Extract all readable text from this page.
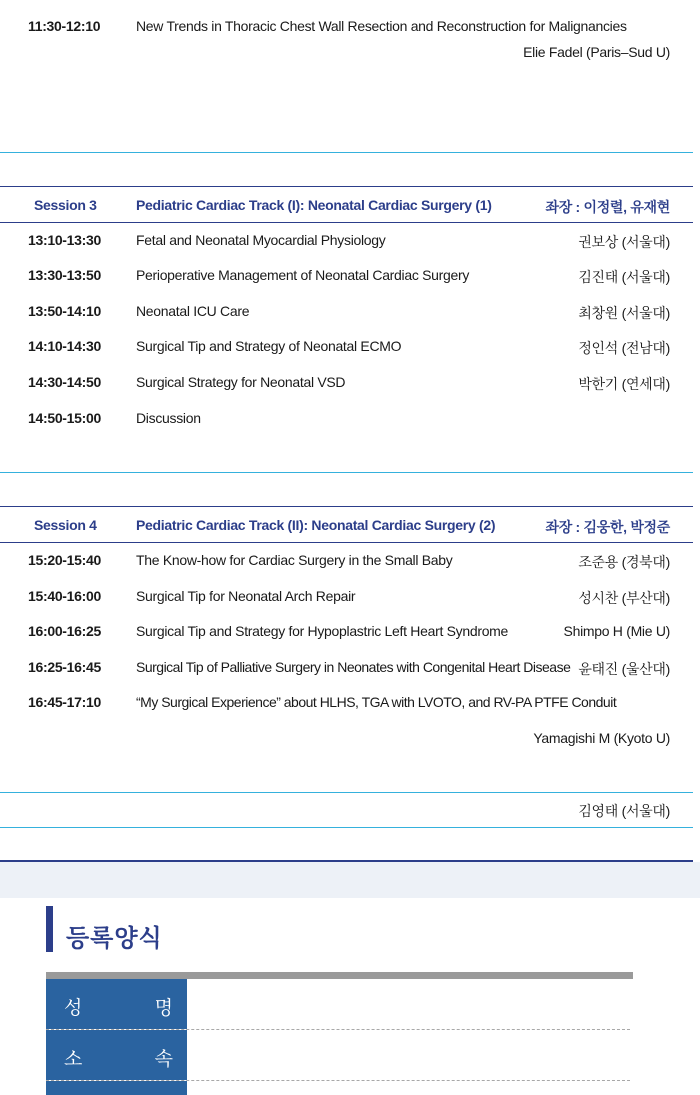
11:30-12:10	New Trends in Thoracic Chest Wall Resection and Reconstruction for Malignancies
Elie Fadel (Paris–Sud U)
Session 3	Pediatric Cardiac Track (I): Neonatal Cardiac Surgery (1)	좌장 : 이정렬, 유재현
13:10-13:30	Fetal and Neonatal Myocardial Physiology	권보상 (서울대)
13:30-13:50	Perioperative Management of Neonatal Cardiac Surgery	김진태 (서울대)
13:50-14:10	Neonatal ICU Care	최창원 (서울대)
14:10-14:30	Surgical Tip and Strategy of Neonatal ECMO	정인석 (전남대)
14:30-14:50	Surgical Strategy for Neonatal VSD	박한기 (연세대)
14:50-15:00	Discussion
Session 4	Pediatric Cardiac Track (II): Neonatal Cardiac Surgery (2)	좌장 : 김웅한, 박정준
15:20-15:40	The Know-how for Cardiac Surgery in the Small Baby	조준용 (경북대)
15:40-16:00	Surgical Tip for Neonatal Arch Repair	성시찬 (부산대)
16:00-16:25	Surgical Tip and Strategy for Hypoplastric Left Heart Syndrome	Shimpo H (Mie U)
16:25-16:45	Surgical Tip of Palliative Surgery in Neonates with Congenital Heart Disease 윤태진 (울산대)
16:45-17:10	“My Surgical Experience” about HLHS, TGA with LVOTO, and RV-PA PTFE Conduit
Yamagishi M (Kyoto U)
김영태 (서울대)
등록양식
성	명
소	속
